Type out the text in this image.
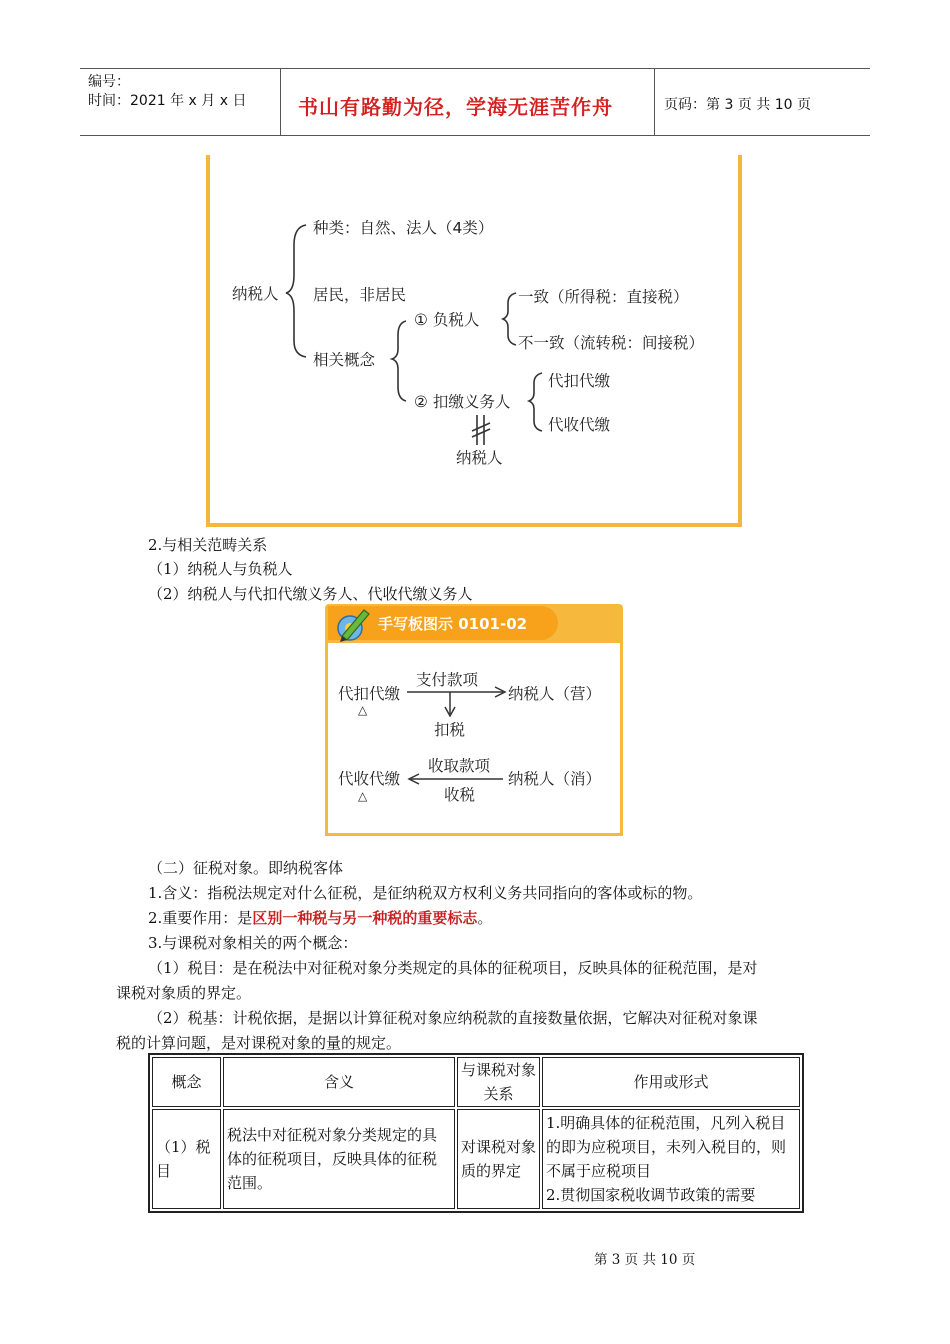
编号：
时间：2021 年 x 月 x 日	书山有路勤为径，学海无涯苦作舟	页码：第 3 页 共 10 页
纳税人
种类：自然、法人（4类）
居民，非居民
相关概念
① 负税人
一致（所得税：直接税）
不一致（流转税：间接税）
② 扣缴义务人
代扣代缴
代收代缴
纳税人
2.与相关范畴关系
（1）纳税人与负税人
（2）纳税人与代扣代缴义务人、代收代缴义务人
手写板图示 0101-02
代扣代缴
△
支付款项
纳税人（营）
扣税
代收代缴
△
收取款项
纳税人（消）
收税
（二）征税对象。即纳税客体
1.含义：指税法规定对什么征税，是征纳税双方权利义务共同指向的客体或标的物。
2.重要作用：是区别一种税与另一种税的重要标志。
3.与课税对象相关的两个概念：
（1）税目：是在税法中对征税对象分类规定的具体的征税项目，反映具体的征税范围，是对
课税对象质的界定。
（2）税基：计税依据，是据以计算征税对象应纳税款的直接数量依据，它解决对征税对象课
税的计算问题，是对课税对象的量的规定。
概念	含义	与课税对象关系	作用或形式
（1）税目	税法中对征税对象分类规定的具体的征税项目，反映具体的征税范围。	对课税对象质的界定	1.明确具体的征税范围，凡列入税目的即为应税项目，未列入税目的，则不属于应税项目
2.贯彻国家税收调节政策的需要
第 3 页 共 10 页
